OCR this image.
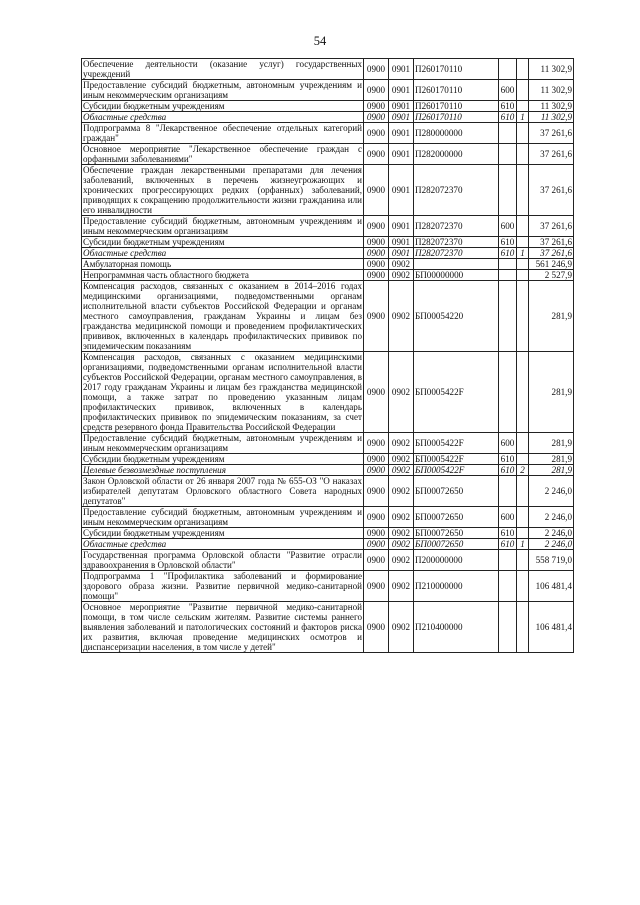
54
Обеспечение деятельности (оказание услуг) государственных учреждений	0900	0901	П260170110			11 302,9
Предоставление субсидий бюджетным, автономным учреждениям и иным некоммерческим организациям	0900	0901	П260170110	600		11 302,9
Субсидии бюджетным учреждениям	0900	0901	П260170110	610		11 302,9
Областные средства	0900	0901	П260170110	610	1	11 302,9
Подпрограмма 8 "Лекарственное обеспечение отдельных категорий граждан"	0900	0901	П280000000			37 261,6
Основное мероприятие "Лекарственное обеспечение граждан с орфанными заболеваниями"	0900	0901	П282000000			37 261,6
Обеспечение граждан лекарственными препаратами для лечения заболеваний, включенных в перечень жизнеугрожающих и хронических прогрессирующих редких (орфанных) заболеваний, приводящих к сокращению продолжительности жизни гражданина или его инвалидности	0900	0901	П282072370			37 261,6
Предоставление субсидий бюджетным, автономным учреждениям и иным некоммерческим организациям	0900	0901	П282072370	600		37 261,6
Субсидии бюджетным учреждениям	0900	0901	П282072370	610		37 261,6
Областные средства	0900	0901	П282072370	610	1	37 261,6
Амбулаторная помощь	0900	0902				561 246,9
Непрограммная часть областного бюджета	0900	0902	БП00000000			2 527,9
Компенсация расходов, связанных с оказанием в 2014–2016 годах медицинскими организациями, подведомственными органам исполнительной власти субъектов Российской Федерации и органам местного самоуправления, гражданам Украины и лицам без гражданства медицинской помощи и проведением профилактических прививок, включенных в календарь профилактических прививок по эпидемическим показаниям	0900	0902	БП00054220			281,9
Компенсация расходов, связанных с оказанием медицинскими организациями, подведомственными органам исполнительной власти субъектов Российской Федерации, органам местного самоуправления, в 2017 году гражданам Украины и лицам без гражданства медицинской помощи, а также затрат по проведению указанным лицам профилактических прививок, включенных в календарь профилактических прививок по эпидемическим показаниям, за счет средств резервного фонда Правительства Российской Федерации	0900	0902	БП0005422F			281,9
Предоставление субсидий бюджетным, автономным учреждениям и иным некоммерческим организациям	0900	0902	БП0005422F	600		281,9
Субсидии бюджетным учреждениям	0900	0902	БП0005422F	610		281,9
Целевые безвозмездные поступления	0900	0902	БП0005422F	610	2	281,9
Закон Орловской области от 26 января 2007 года № 655-ОЗ "О наказах избирателей депутатам Орловского областного Совета народных депутатов"	0900	0902	БП00072650			2 246,0
Предоставление субсидий бюджетным, автономным учреждениям и иным некоммерческим организациям	0900	0902	БП00072650	600		2 246,0
Субсидии бюджетным учреждениям	0900	0902	БП00072650	610		2 246,0
Областные средства	0900	0902	БП00072650	610	1	2 246,0
Государственная программа Орловской области "Развитие отрасли здравоохранения в Орловской области"	0900	0902	П200000000			558 719,0
Подпрограмма 1 "Профилактика заболеваний и формирование здорового образа жизни. Развитие первичной медико-санитарной помощи"	0900	0902	П210000000			106 481,4
Основное мероприятие "Развитие первичной медико-санитарной помощи, в том числе сельским жителям. Развитие системы раннего выявления заболеваний и патологических состояний и факторов риска их развития, включая проведение медицинских осмотров и диспансеризации населения, в том числе у детей"	0900	0902	П210400000			106 481,4
